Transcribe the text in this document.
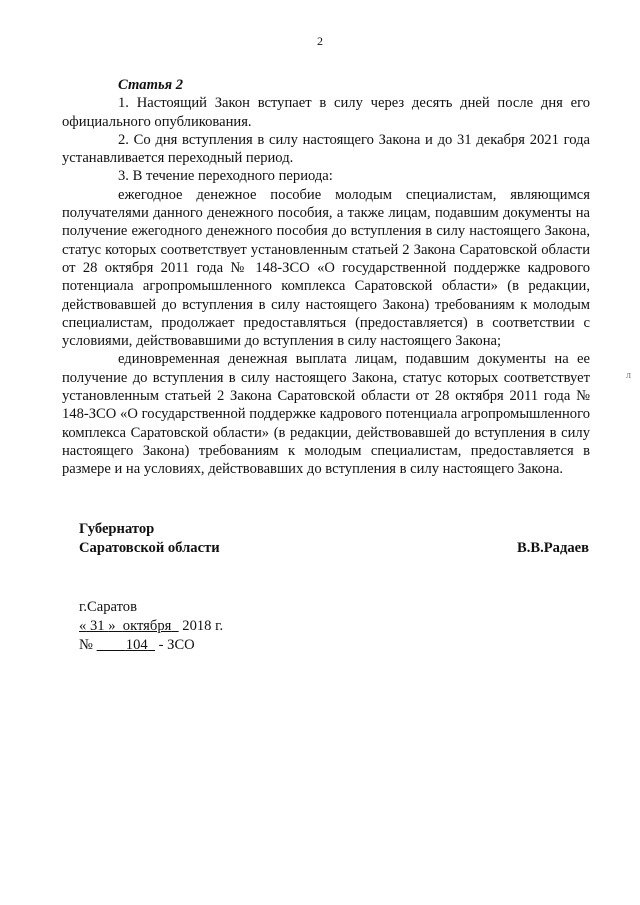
2

Статья 2

1. Настоящий Закон вступает в силу через десять дней после дня его официального опубликования.

2. Со дня вступления в силу настоящего Закона и до 31 декабря 2021 года устанавливается переходный период.

3. В течение переходного периода:

ежегодное денежное пособие молодым специалистам, являющимся получателями данного денежного пособия, а также лицам, подавшим документы на получение ежегодного денежного пособия до вступления в силу настоящего Закона, статус которых соответствует установленным статьей 2 Закона Саратовской области от 28 октября 2011 года № 148-ЗСО «О государственной поддержке кадрового потенциала агропромышленного комплекса Саратовской области» (в редакции, действовавшей до вступления в силу настоящего Закона) требованиям к молодым специалистам, продолжает предоставляться (предоставляется) в соответствии с условиями, действовавшими до вступления в силу настоящего Закона;

единовременная денежная выплата лицам, подавшим документы на ее получение до вступления в силу настоящего Закона, статус которых соответствует установленным статьей 2 Закона Саратовской области от 28 октября 2011 года № 148-ЗСО «О государственной поддержке кадрового потенциала агропромышленного комплекса Саратовской области» (в редакции, действовавшей до вступления в силу настоящего Закона) требованиям к молодым специалистам, предоставляется в размере и на условиях, действовавших до вступления в силу настоящего Закона.

Губернатор
Саратовской области	В.В.Радаев
г.Саратов
« 31 » октября 2018 г.
№ 104 - ЗСО
л
